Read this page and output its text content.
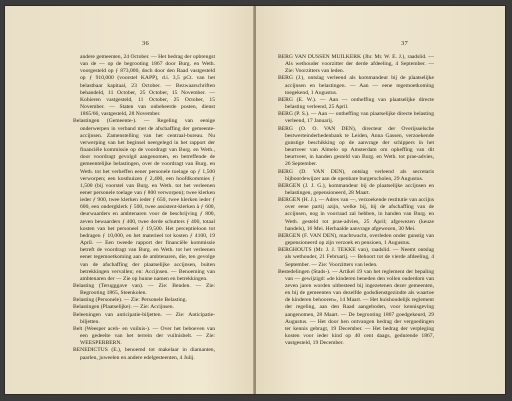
36

andere gemeenten, 24 October. — Het bedrag der opbrengst van de — op de begrooting 1867 door Burg. en Weth. voorgesteld op ƒ 873,000, doch door den Raad vastgesteld op ƒ 910,000 (voorstel KAPP), d.i. 3,5 pCt. van het belastbaar kapitaal, 23 October. — Bezwaarschriften behandeld, 11 October, 25 October, 15 November. — Kohieren vastgesteld, 11 October, 25 October, 15 November. — Staten van onbeheerde posten, dienst 1865/66, vastgesteld, 28 November.

Belastingen (Gemeente-). — Regeling van eenige onderwerpen in verband met de afschaffing der gemeente-accijnsen. Zamenstelling van het centraal-bureau. Nu verwerping van het beginsel neergelegd in het rapport der financiële kommissie op de voordragt van Burg. en Weth., door voordragt gevolgd aangenomen, en betreffende de gemeentelijke belastingen, over de voordragt van Burg. en Weth. tot het verheffen eener personele toelage op ƒ 1,500 verworpen; een kosthuizen ƒ 2,400, een hoofdkommies ƒ 1,500 (bij voorstel van Burg. en Weth. tot het verleenen eener personele toelage van ƒ 800 verworpen); twee klerken ieder ƒ 900, twee klerken ieder ƒ 650, twee klerken ieder ƒ 600, een ondergklerk ƒ 500, twee assistent-klerken à ƒ 600, deurwaarders en ambtenaren voor de beschrijving ƒ 800, zeven bewaarders ƒ 400, twee derde schutters ƒ 400, totaal kosten van het personeel ƒ 19,500. Het perceptieloon tot bedragen ƒ 10,000, en het materieel tot kosten ƒ 4100, 19 April. — Een tweede rapport der financiële kommissie betreft de voordragt van Burg. en Weth. tot het verleenen eener tegemoetkoming aan de ambtenaren, die, ten gevolge van de afschaffing der plaatselijke accijnsen, buiten betrekkingen vervallen; en: Accijnsen. — Benoeming van ambtenaren der — Zie op hunne namen en betrekkingen.

Belasting (Terugggave van). — Zie: Benden. — Zie: Begrooting 1865, Steenkolen.

Belasting (Personele). — Zie: Personele Belasting.

Belastingen (Plaatselijke). — Zie: Accijnsen.

Beleeningen van anticipatie-biljetten. — Zie: Anticipatie-biljetten.

Belt (Weesper aceh- en vuilnis-). — Over het beboeven van een gedeelte van het terrein der vuilnisbelt. — Zie: WEESPERBERN.

BENEDICTUS (E.), benoemd tot makelaar in diamanten, paarlen, juweelen en andere edelgesteenten, 4 Julij.

37

BERG VAN DUSSEN MUILKERK (Jhr. Mr. W. E. J.), raadslid. — Als wethouder voorzitter der derde afdeeling, 4 September. — Zie: Voorzitters van leden.

BERG (J.), ontslag verleend als kommandeur bij de plaatselijke accijnsen en belastingen. — Aan — eene tegemoetkoming toegekend, 1 Augustus.

BERG (E. W.). — Aan — ontheffing van plaatselijke directe belasting verleend, 25 April.

BERG (P. S.). — Aan — ontheffing van plaatselijke directe belasting verleend, 17 Januarij.

BERG (O. O. VAN DEN), directeur der Overijsselsche bestwerteinderhedenbank te Leiden, Anna Gassen, verzoekende gunstige beschikking op de aanvrage der schippers in het beurtveer van Almelo op Amsterdam om opheffing van dit beurtveer, in handen gesteld van Burg. en Weth. tot prae-advies, 26 September.

BERG (D. VAN DEN), ontslag verleend als secretaris bijboordewijzer aan de openbare burgerscholen, 29 Augustus.

BERGEN (J. J. G.), kommandeur bij de plaatselijke accijnsen en belastingen, gepensioneerd, 28 Maart.

BERGEN (H. J.). — Adres van —, verzoekende restitutie van accijns over eene partij azijn, welke bij, bij de afschaffing van de accijnsen, nog in voorraad zal hebben, in handen van Burg. en Weth. gesteld tot prae-advies, 25 April; afgewezen (keuze handels), 16 Mei. Herhaalde aanvrage afgewezen, 30 Mei.

BERGEN (F. VAN DEN), machtwacht, overleden onder gunstig van gepensioneerd op zijn verzoek en pensioen, 1 Augustus.

BERGHOUTS (Mr. J. J. TEKKE van), raadslid. — Neemt ontslag als wethouder, 21 Februarij. — Behoort tot de vierde afdeeling, 4 September. — Zie: Voorzitters van leden.

Bestedelingen (Stads-). — Artikel 19 van het reglement der bepaling van — gewijzigd: »de kinderen beneden den vollen ouderdom van zeven jaren worden uitbesteed bij ingezetenen dezer gemeenten, en bij de gemeenten van dezelfde godsdienstgezindte als waartoe de kinderen behooren«, 14 Maart. — Het huishoudelijk reglement der regeling, aan den Raad aangeboden, voor kennisgeving aangenomen, 28 Maart. — De begrooting 1867 goedgekeurd, 29 Augustus. — Het door hen ontvangen bedrag der vergoedingen ter kennis gebragt, 19 December. — Het bedrag der verpleging kosten voor ieder kind op 40 cent daags, gedurende 1867, vastgesteld, 19 December.
